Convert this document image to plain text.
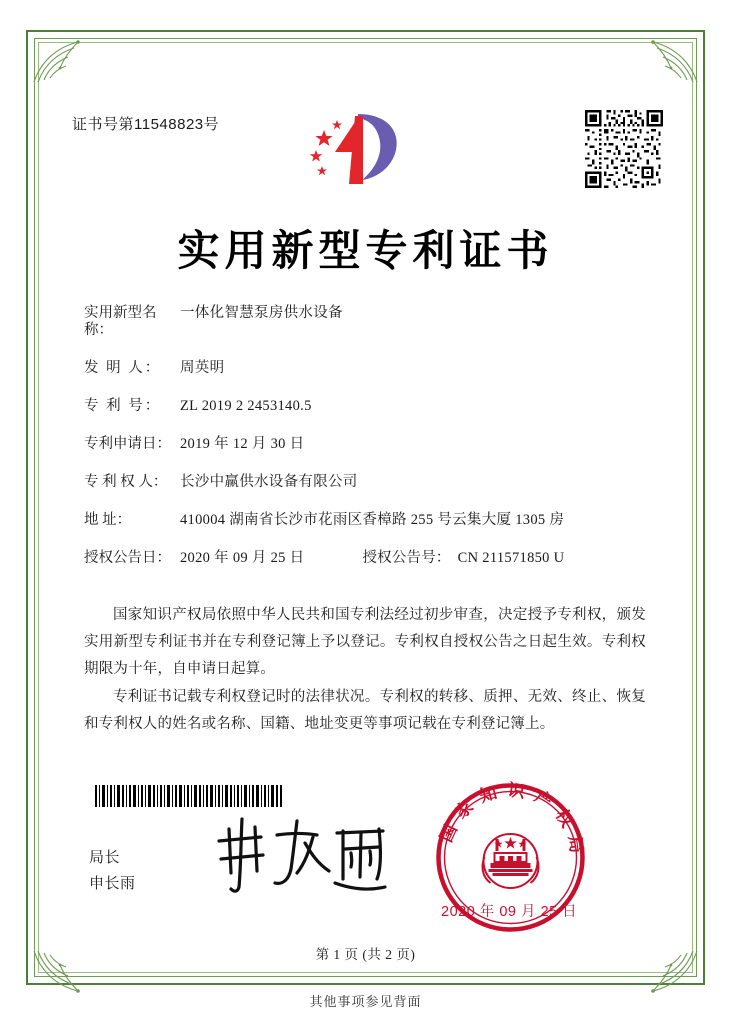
证书号第11548823号
实用新型专利证书
实用新型名称：
一体化智慧泵房供水设备
发 明 人：	周英明
专 利 号：	ZL 2019 2 2453140.5
专利申请日： 2019 年 12 月 30 日
专 利 权 人： 长沙中赢供水设备有限公司
地 址：	410004 湖南省长沙市花雨区香樟路 255 号云集大厦 1305 房
授权公告日： 2020 年 09 月 25 日	授权公告号： CN 211571850 U

国家知识产权局依照中华人民共和国专利法经过初步审查，决定授予专利权，颁发实用新型专利证书并在专利登记簿上予以登记。专利权自授权公告之日起生效。专利权期限为十年，自申请日起算。

专利证书记载专利权登记时的法律状况。专利权的转移、质押、无效、终止、恢复和专利权人的姓名或名称、国籍、地址变更等事项记载在专利登记簿上。

局长
申长雨
国家知识产权局
2020 年 09 月 25 日
第 1 页 (共 2 页)
其他事项参见背面
